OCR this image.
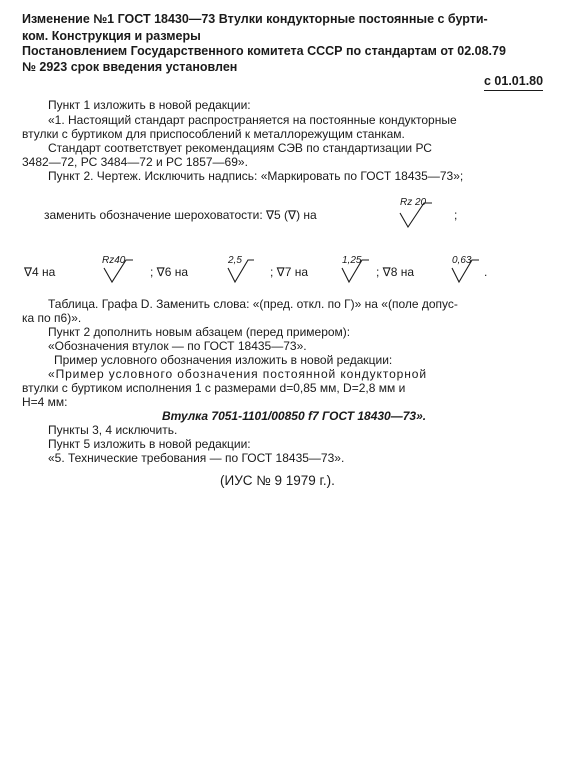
Изменение №1 ГОСТ 18430—73 Втулки кондукторные постоянные с бурти-
ком. Конструкция и размеры
Постановлением Государственного комитета СССР по стандартам от 02.08.79
№ 2923 срок введения установлен
с 01.01.80
Пункт 1 изложить в новой редакции:
«1. Настоящий стандарт распространяется на постоянные кондукторные
втулки с буртиком для приспособлений к металлорежущим станкам.
Стандарт соответствует рекомендациям СЭВ по стандартизации РС
3482—72, РС 3484—72 и РС 1857—69».
Пункт 2. Чертеж. Исключить надпись: «Маркировать по ГОСТ 18435—73»;
заменить обозначение шероховатости: ∇5 (∇) на
Rz 20
;
∇4 на
Rz40
; ∇6 на
2,5
; ∇7 на
1,25
; ∇8 на
0,63
.
Таблица. Графа D. Заменить слова: «(пред. откл. по Г)» на «(поле допус-
ка по п6)».
Пункт 2 дополнить новым абзацем (перед примером):
«Обозначения втулок — по ГОСТ 18435—73».
Пример условного обозначения изложить в новой редакции:
«Пример условного обозначения постоянной кондукторной
втулки с буртиком исполнения 1 с размерами d=0,85 мм, D=2,8 мм и
H=4 мм:
Втулка 7051-1101/00850 f7 ГОСТ 18430—73».
Пункты 3, 4 исключить.
Пункт 5 изложить в новой редакции:
«5. Технические требования — по ГОСТ 18435—73».
(ИУС № 9 1979 г.).
